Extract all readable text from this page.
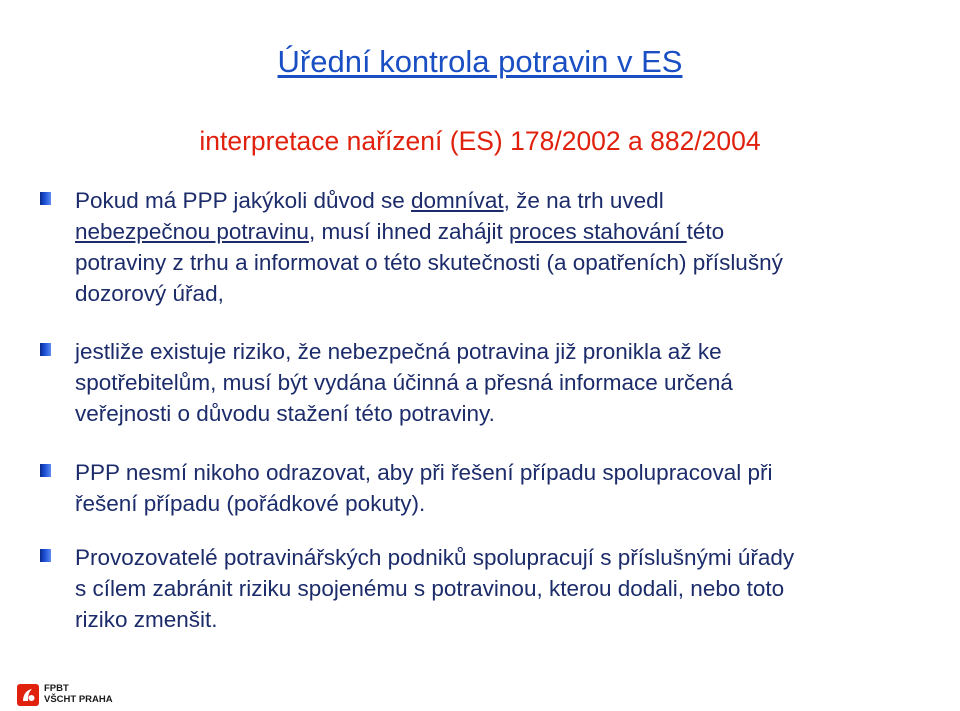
Úřední kontrola potravin v ES
interpretace nařízení (ES) 178/2002 a 882/2004
Pokud má PPP jakýkoli důvod se domnívat, že na trh uvedl
nebezpečnou potravinu, musí ihned zahájit proces stahování této
potraviny z trhu a informovat o této skutečnosti (a opatřeních) příslušný
dozorový úřad,
jestliže existuje riziko, že nebezpečná potravina již pronikla až ke
spotřebitelům, musí být vydána účinná a přesná informace určená
veřejnosti o důvodu stažení této potraviny.
PPP nesmí nikoho odrazovat, aby při řešení případu spolupracoval při
řešení případu (pořádkové pokuty).
Provozovatelé potravinářských podniků spolupracují s příslušnými úřady
s cílem zabránit riziku spojenému s potravinou, kterou dodali, nebo toto
riziko zmenšit.
FPBT
VŠCHT PRAHA
